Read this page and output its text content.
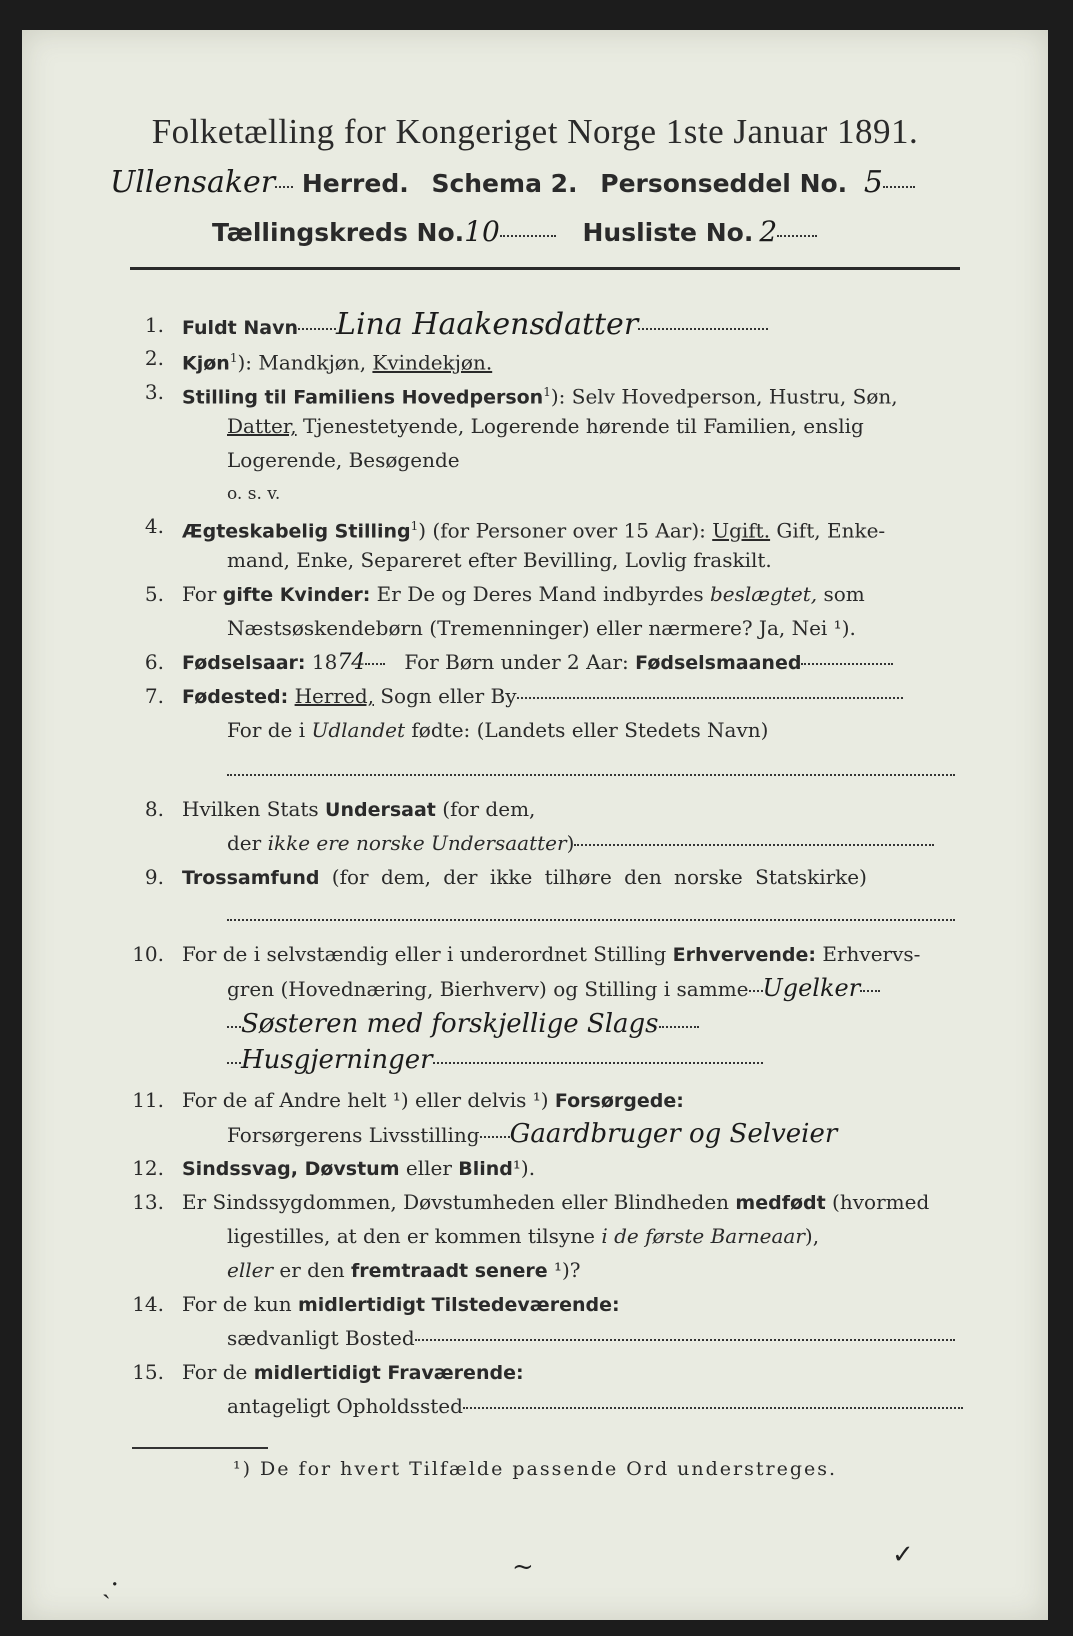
Folketælling for Kongeriget Norge 1ste Januar 1891.
Ullensaker Herred. Schema 2. Personseddel No. 5
Tællingskreds No.10	Husliste No. 2
1. Fuldt Navn Lina Haakensdatter
2. Kjøn$^1$): Mandkjøn, Kvindekjøn.
3. Stilling til Familiens Hovedperson$^1$): Selv Hovedperson, Hustru, Søn,
Datter, Tjenestetyende, Logerende hørende til Familien, enslig
Logerende, Besøgende
o. s. v.
4. Ægteskabelig Stilling$^1$) (for Personer over 15 Aar): Ugift. Gift, Enke-
mand, Enke, Separeret efter Bevilling, Lovlig fraskilt.
5. For gifte Kvinder: Er De og Deres Mand indbyrdes beslægtet, som
Næstsøskendebørn (Tremenninger) eller nærmere? Ja, Nei ¹).
6. Fødselsaar: 1874 For Børn under 2 Aar: Fødselsmaaned
7. Fødested: Herred, Sogn eller By
For de i Udlandet fødte: (Landets eller Stedets Navn)
8. Hvilken Stats Undersaat (for dem,
der ikke ere norske Undersaatter)
9. Trossamfund (for dem, der ikke tilhøre den norske Statskirke)
10. For de i selvstændig eller i underordnet Stilling Erhvervende: Erhvervs-
gren (Hovednæring, Bierhverv) og Stilling i samme Ugelker
Søsteren med forskjellige Slags
Husgjerninger
11. For de af Andre helt ¹) eller delvis ¹) Forsørgede:
Forsørgerens Livsstilling Gaardbruger og Selveier
12. Sindssvag, Døvstum eller Blind¹).
13. Er Sindssygdommen, Døvstumheden eller Blindheden medfødt (hvormed
ligestilles, at den er kommen tilsyne i de første Barneaar),
eller er den fremtraadt senere ¹)?
14. For de kun midlertidigt Tilstedeværende:
sædvanligt Bosted
15. For de midlertidigt Fraværende:
antageligt Opholdssted
¹) De for hvert Tilfælde passende Ord understreges.
✓
ˏ·
~
